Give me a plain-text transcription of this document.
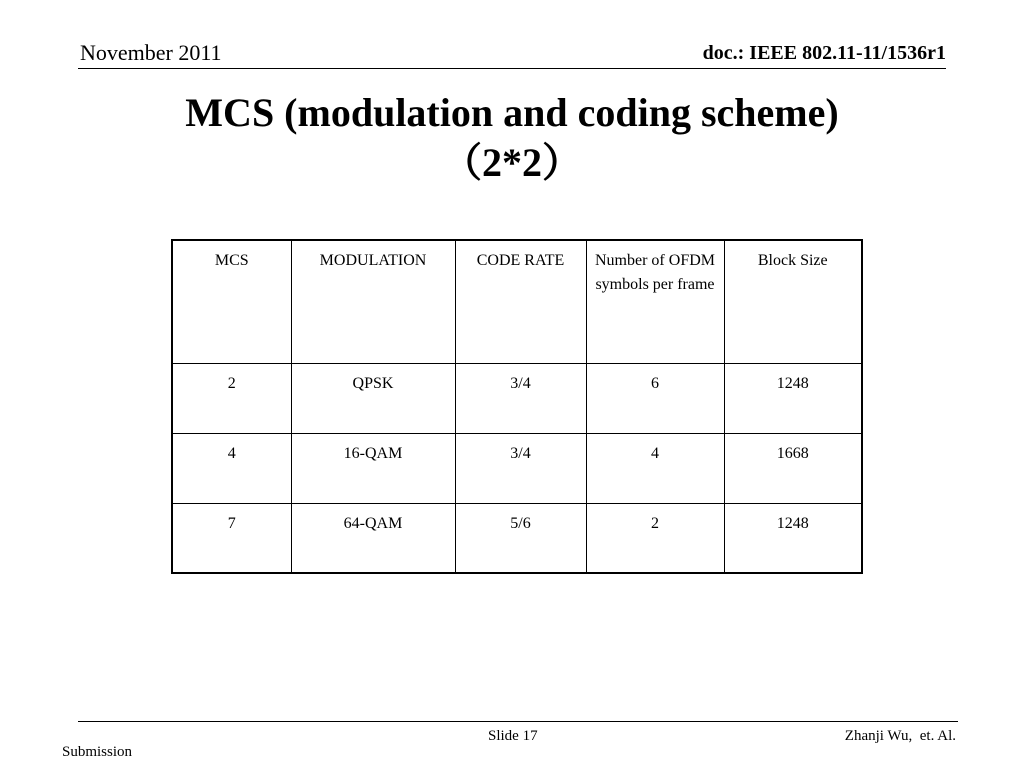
November 2011	doc.: IEEE 802.11-11/1536r1
MCS (modulation and coding scheme)
（2*2）
MCS	MODULATION	CODE RATE	Number of OFDM symbols per frame	Block Size
2	QPSK	3/4	6	1248
4	16-QAM	3/4	4	1668
7	64-QAM	5/6	2	1248
Slide 17	Zhanji Wu,  et. Al.
Submission
